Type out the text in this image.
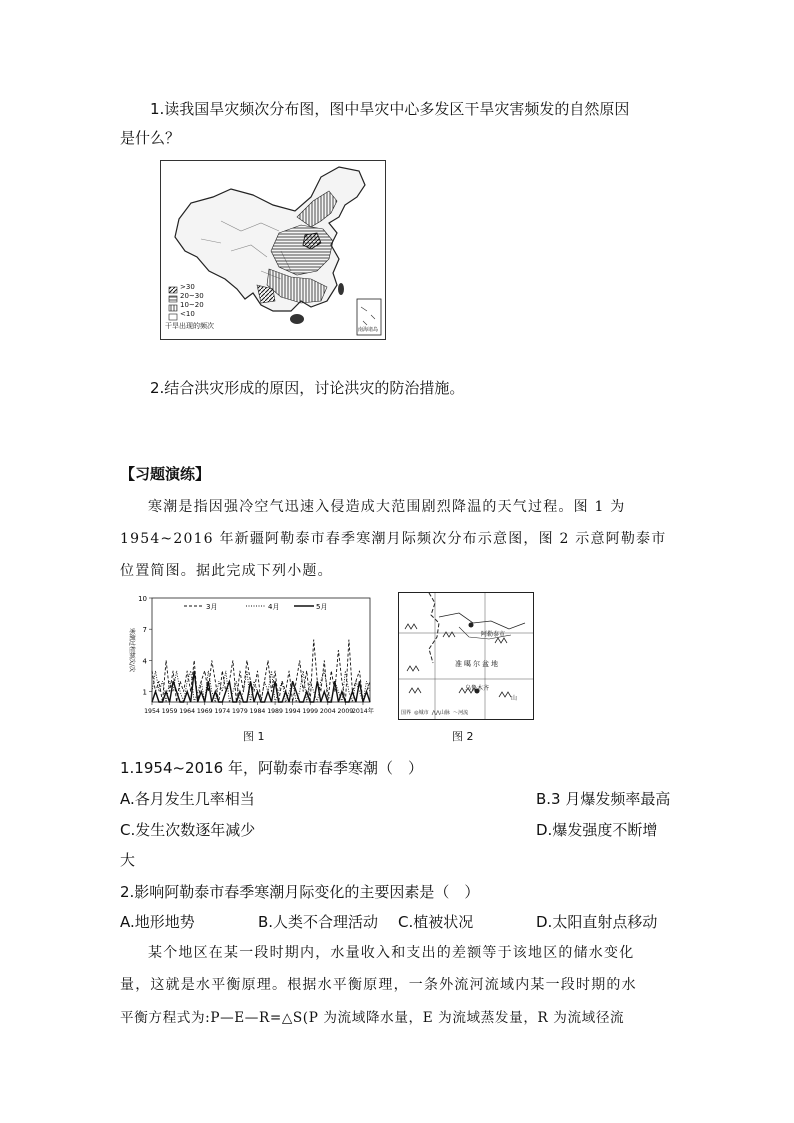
1.读我国旱灾频次分布图，图中旱灾中心多发区干旱灾害频发的自然原因
是什么？
>30
20~30
10~20
<10
干旱出现的频次	南海诸岛
2.结合洪灾形成的原因，讨论洪灾的防治措施。
【习题演练】
寒潮是指因强冷空气迅速入侵造成大范围剧烈降温的天气过程。图 1 为
1954~2016 年新疆阿勒泰市春季寒潮月际频次分布示意图，图 2 示意阿勒泰市
位置简图。据此完成下列小题。
10
7
4
1
寒潮过程频次/次
1954 1959 1964 1969 1974 1979 1984 1989 1994 1999 2004 2009
2014年
3月	4月	5月
图 1
阿勒泰市
准噶尔盆地
乌鲁木齐
山
国界  ◎城市  ⋀⋀山脉  ～河流
图 2
1.1954~2016 年，阿勒泰市春季寒潮（　）
A.各月发生几率相当	B.3 月爆发频率最高
C.发生次数逐年减少	D.爆发强度不断增
大
2.影响阿勒泰市春季寒潮月际变化的主要因素是（　）
A.地形地势	B.人类不合理活动 C.植被状况	D.太阳直射点移动
某个地区在某一段时期内，水量收入和支出的差额等于该地区的储水变化
量，这就是水平衡原理。根据水平衡原理，一条外流河流域内某一段时期的水
平衡方程式为:P—E—R=△S(P 为流域降水量，E 为流域蒸发量，R 为流域径流
